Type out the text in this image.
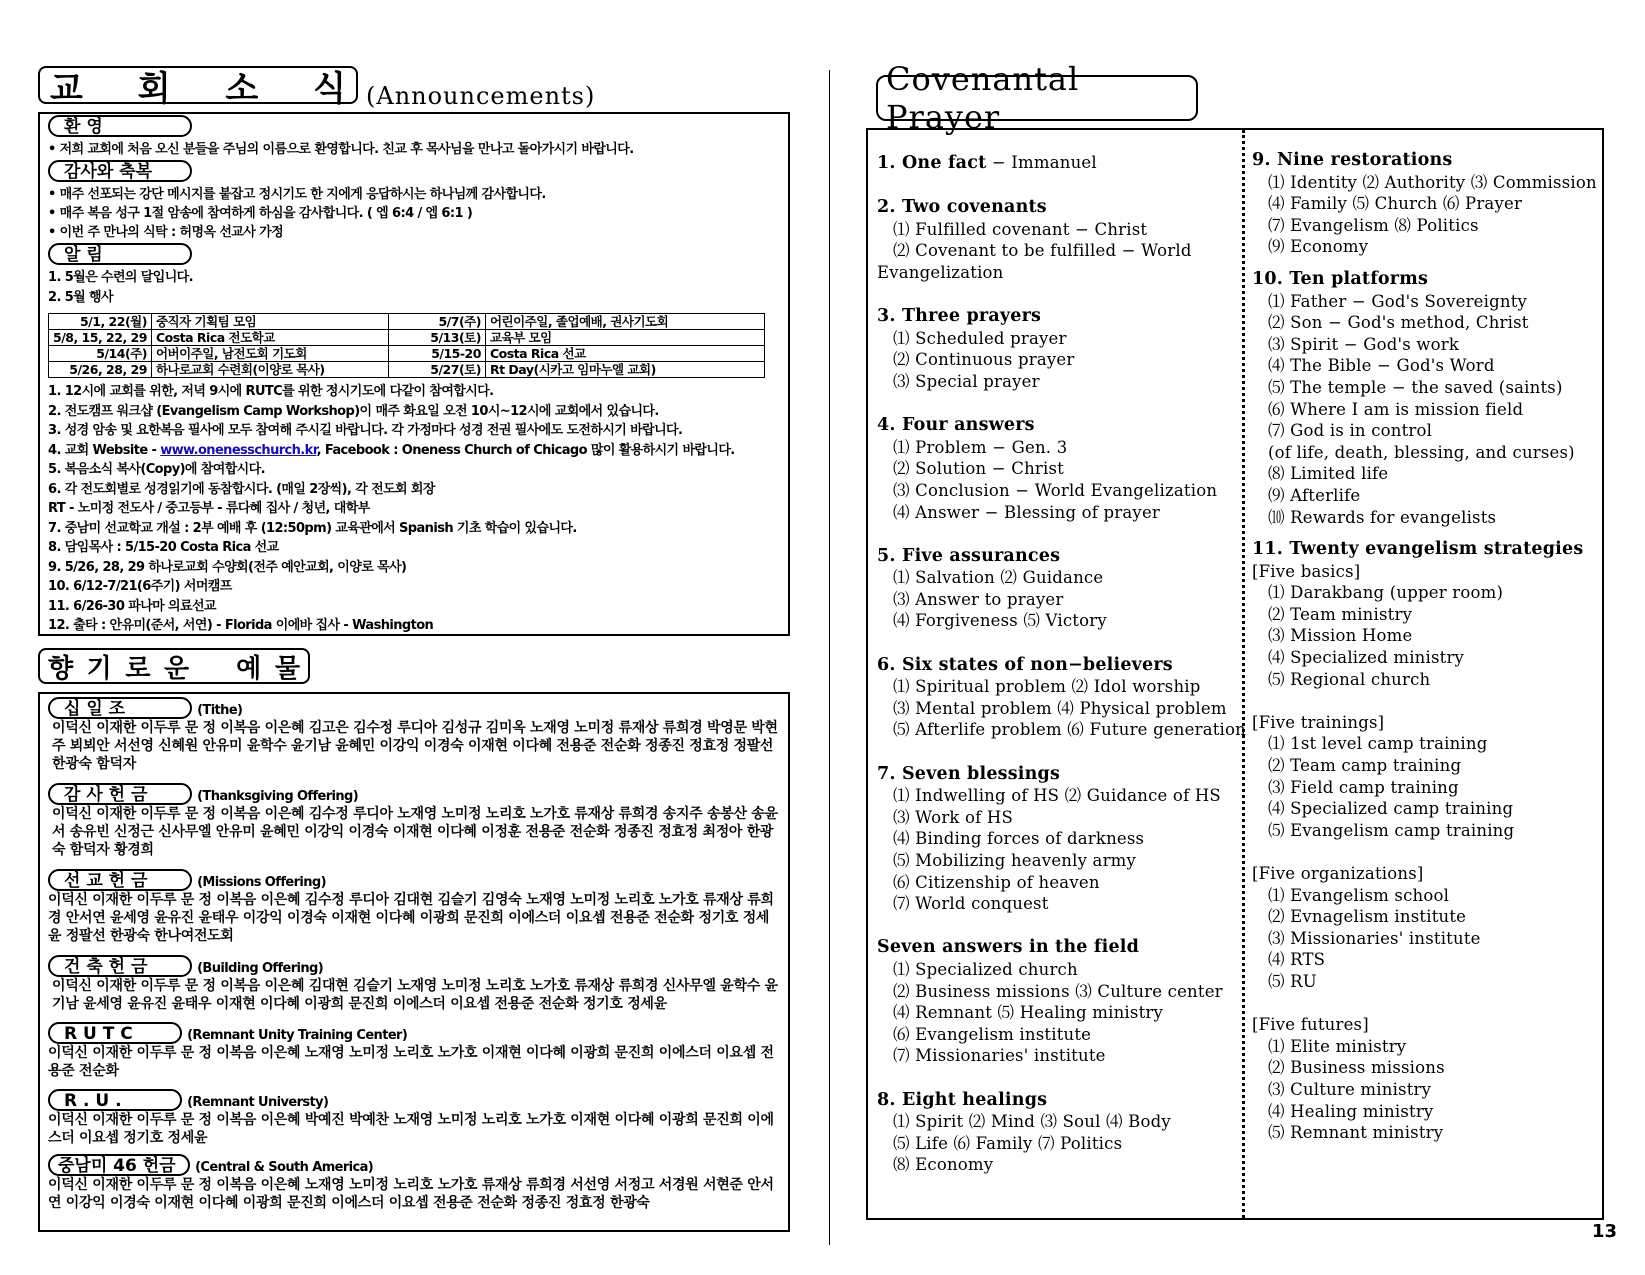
교 회 소 식 (Announcements)
환 영
• 저희 교회에 처음 오신 분들을 주님의 이름으로 환영합니다. 친교 후 목사님을 만나고 돌아가시기 바랍니다.
감사와 축복
• 매주 선포되는 강단 메시지를 붙잡고 정시기도 한 지에게 응답하시는 하나님께 감사합니다.
• 매주 복음 성구 1절 암송에 참여하게 하심을 감사합니다. ( 엡 6:4 / 엡 6:1 )
• 이번 주 만나의 식탁 : 허명옥 선교사 가정
알 림
1. 5월은 수련의 달입니다.
2. 5월 행사
5/1, 22(월)	중직자 기획팀 모임	5/7(주)	어린이주일, 졸업예배, 권사기도회
5/8, 15, 22, 29	Costa Rica 전도학교	5/13(토)	교육부 모임
5/14(주)	어버이주일, 남전도회 기도회	5/15-20	Costa Rica 선교
5/26, 28, 29	하나로교회 수련회(이양로 목사)	5/27(토)	Rt Day(시카고 임마누엘 교회)
1. 12시에 교회를 위한, 저녁 9시에 RUTC를 위한 정시기도에 다같이 참여합시다.
2. 전도캠프 워크샵 (Evangelism Camp Workshop)이 매주 화요일 오전 10시~12시에 교회에서 있습니다.
3. 성경 암송 및 요한복음 필사에 모두 참여해 주시길 바랍니다. 각 가정마다 성경 전권 필사에도 도전하시기 바랍니다.
4. 교회 Website - www.onenesschurch.kr, Facebook : Oneness Church of Chicago 많이 활용하시기 바랍니다.
5. 복음소식 복사(Copy)에 참여합시다.
6. 각 전도회별로 성경읽기에 동참합시다. (매일 2장씩), 각 전도회 회장
RT - 노미정 전도사 / 중고등부 - 류다혜 집사 / 청년, 대학부
7. 중남미 선교학교 개설 : 2부 예배 후 (12:50pm) 교육관에서 Spanish 기초 학습이 있습니다.
8. 담임목사 : 5/15-20 Costa Rica 선교
9. 5/26, 28, 29 하나로교회 수양회(전주 예안교회, 이양로 목사)
10. 6/12-7/21(6주기) 서머캠프
11. 6/26-30 파나마 의료선교
12. 출타 : 안유미(준서, 서연) - Florida 이에바 집사 - Washington
향 기 로 운 예 물
십 일 조	(Tithe)
이덕신 이재한 이두루 문 정 이복음 이은혜 김고은 김수정 루디아 김성규 김미옥 노재영 노미정 류재상 류희경 박영문 박현주 뵈뵈안 서선영 신혜원 안유미 윤학수 윤기남 윤혜민 이강익 이경숙 이재현 이다혜 전용준 전순화 정종진 정효정 정팔선 한광숙 함덕자
감 사 헌 금	(Thanksgiving Offering)
이덕신 이재한 이두루 문 정 이복음 이은혜 김수정 루디아 노재영 노미정 노리호 노가호 류재상 류희경 송지주 송봉산 송윤서 송유빈 신정근 신사무엘 안유미 윤혜민 이강익 이경숙 이재현 이다혜 이정훈 전용준 전순화 정종진 정효정 최정아 한광숙 함덕자 황경희
선 교 헌 금	(Missions Offering)
이덕신 이재한 이두루 문 정 이복음 이은혜 김수정 루디아 김대현 김슬기 김영숙 노재영 노미정 노리호 노가호 류재상 류희경 안서연 윤세영 윤유진 윤태우 이강익 이경숙 이재현 이다혜 이광희 문진희 이에스더 이요셉 전용준 전순화 정기호 정세윤 정팔선 한광숙 한나여전도회
건 축 헌 금	(Building Offering)
이덕신 이재한 이두루 문 정 이복음 이은혜 김대현 김슬기 노재영 노미정 노리호 노가호 류재상 류희경 신사무엘 윤학수 윤기남 윤세영 윤유진 윤태우 이재현 이다혜 이광희 문진희 이에스더 이요셉 전용준 전순화 정기호 정세윤
R U T C	(Remnant Unity Training Center)
이덕신 이재한 이두루 문 정 이복음 이은혜 노재영 노미정 노리호 노가호 이재현 이다혜 이광희 문진희 이에스더 이요셉 전용준 전순화
R . U .	(Remnant Universty)
이덕신 이재한 이두루 문 정 이복음 이은혜 박예진 박예찬 노재영 노미정 노리호 노가호 이재현 이다혜 이광희 문진희 이에스더 이요셉 정기호 정세윤
중남미 46 헌금 (Central & South America)
이덕신 이재한 이두루 문 정 이복음 이은혜 노재영 노미정 노리호 노가호 류재상 류희경 서선영 서정고 서경원 서현준 안서연 이강익 이경숙 이재현 이다혜 이광희 문진희 이에스더 이요셉 전용준 전순화 정종진 정효정 한광숙
Covenantal Prayer
1. One fact − Immanuel
2. Two covenants
⑴ Fulfilled covenant − Christ
⑵ Covenant to be fulfilled − World
Evangelization
3. Three prayers
⑴ Scheduled prayer
⑵ Continuous prayer
⑶ Special prayer
4. Four answers
⑴ Problem − Gen. 3
⑵ Solution − Christ
⑶ Conclusion − World Evangelization
⑷ Answer − Blessing of prayer
5. Five assurances
⑴ Salvation ⑵ Guidance
⑶ Answer to prayer
⑷ Forgiveness ⑸ Victory
6. Six states of non−believers
⑴ Spiritual problem ⑵ Idol worship
⑶ Mental problem ⑷ Physical problem
⑸ Afterlife problem ⑹ Future generation
7. Seven blessings
⑴ Indwelling of HS ⑵ Guidance of HS
⑶ Work of HS
⑷ Binding forces of darkness
⑸ Mobilizing heavenly army
⑹ Citizenship of heaven
⑺ World conquest
Seven answers in the field
⑴ Specialized church
⑵ Business missions ⑶ Culture center
⑷ Remnant ⑸ Healing ministry
⑹ Evangelism institute
⑺ Missionaries' institute
8. Eight healings
⑴ Spirit ⑵ Mind ⑶ Soul ⑷ Body
⑸ Life ⑹ Family ⑺ Politics
⑻ Economy
9. Nine restorations
⑴ Identity ⑵ Authority ⑶ Commission
⑷ Family ⑸ Church ⑹ Prayer
⑺ Evangelism ⑻ Politics
⑼ Economy
10. Ten platforms
⑴ Father − God's Sovereignty
⑵ Son − God's method, Christ
⑶ Spirit − God's work
⑷ The Bible − God's Word
⑸ The temple − the saved (saints)
⑹ Where I am is mission field
⑺ God is in control
(of life, death, blessing, and curses)
⑻ Limited life
⑼ Afterlife
⑽ Rewards for evangelists
11. Twenty evangelism strategies
[Five basics]
⑴ Darakbang (upper room)
⑵ Team ministry
⑶ Mission Home
⑷ Specialized ministry
⑸ Regional church
[Five trainings]
⑴ 1st level camp training
⑵ Team camp training
⑶ Field camp training
⑷ Specialized camp training
⑸ Evangelism camp training
[Five organizations]
⑴ Evangelism school
⑵ Evnagelism institute
⑶ Missionaries' institute
⑷ RTS
⑸ RU
[Five futures]
⑴ Elite ministry
⑵ Business missions
⑶ Culture ministry
⑷ Healing ministry
⑸ Remnant ministry
13
